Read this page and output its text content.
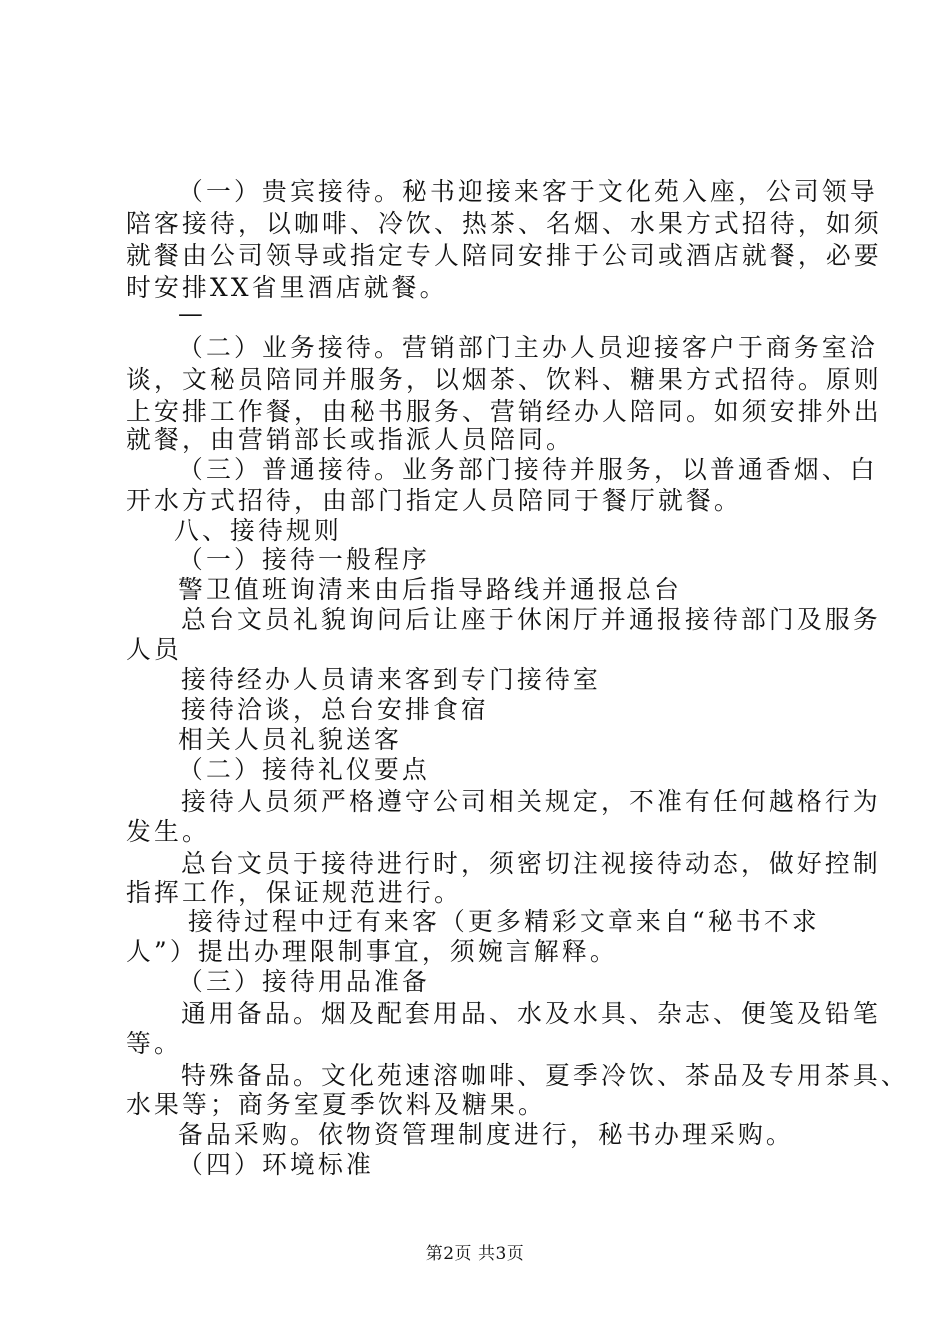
（一）贵宾接待。秘书迎接来客于文化苑入座，公司领导
陪客接待，以咖啡、冷饮、热茶、名烟、水果方式招待，如须
就餐由公司领导或指定专人陪同安排于公司或酒店就餐，必要
时安排XX省里酒店就餐。
—
（二）业务接待。营销部门主办人员迎接客户于商务室洽
谈，文秘员陪同并服务，以烟茶、饮料、糖果方式招待。原则
上安排工作餐，由秘书服务、营销经办人陪同。如须安排外出
就餐，由营销部长或指派人员陪同。
（三）普通接待。业务部门接待并服务，以普通香烟、白
开水方式招待，由部门指定人员陪同于餐厅就餐。
八、接待规则
（一）接待一般程序
警卫值班询清来由后指导路线并通报总台
总台文员礼貌询问后让座于休闲厅并通报接待部门及服务
人员
接待经办人员请来客到专门接待室
接待洽谈，总台安排食宿
相关人员礼貌送客
（二）接待礼仪要点
接待人员须严格遵守公司相关规定，不准有任何越格行为
发生。
总台文员于接待进行时，须密切注视接待动态，做好控制
指挥工作，保证规范进行。
接待过程中迂有来客（更多精彩文章来自“秘书不求
人”）提出办理限制事宜，须婉言解释。
（三）接待用品准备
通用备品。烟及配套用品、水及水具、杂志、便笺及铅笔
等。
特殊备品。文化苑速溶咖啡、夏季冷饮、茶品及专用茶具、
水果等；商务室夏季饮料及糖果。
备品采购。依物资管理制度进行，秘书办理采购。
（四）环境标准
第2页 共3页
